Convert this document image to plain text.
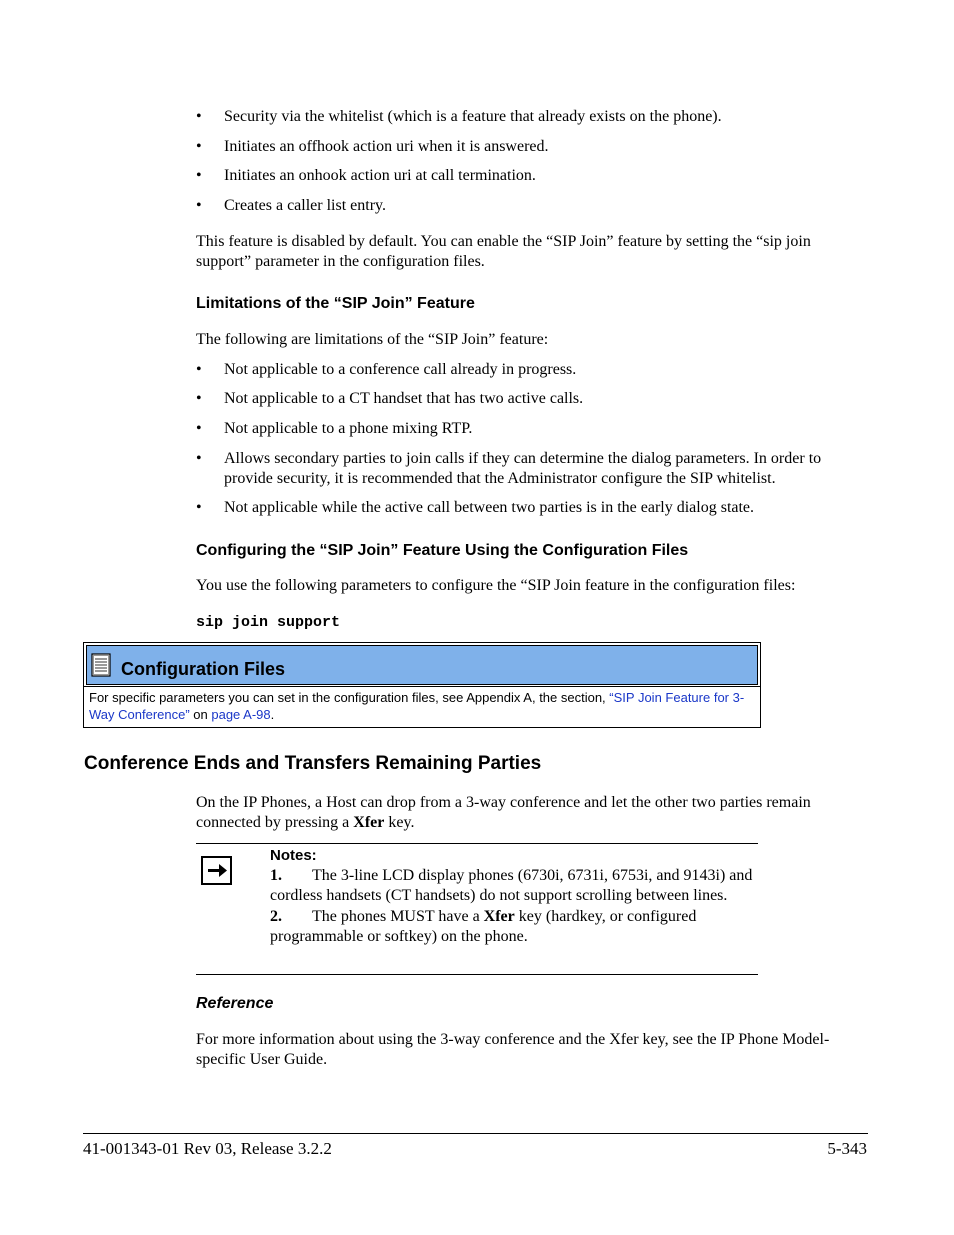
• Security via the whitelist (which is a feature that already exists on the phone).
• Initiates an offhook action uri when it is answered.
• Initiates an onhook action uri at call termination.
• Creates a caller list entry.
This feature is disabled by default. You can enable the “SIP Join” feature by setting the “sip join support” parameter in the configuration files.
Limitations of the “SIP Join” Feature
The following are limitations of the “SIP Join” feature:
• Not applicable to a conference call already in progress.
• Not applicable to a CT handset that has two active calls.
• Not applicable to a phone mixing RTP.
• Allows secondary parties to join calls if they can determine the dialog parameters. In order to provide security, it is recommended that the Administrator configure the SIP whitelist.
• Not applicable while the active call between two parties is in the early dialog state.
Configuring the “SIP Join” Feature Using the Configuration Files
You use the following parameters to configure the “SIP Join feature in the configuration files:
sip join support
Configuration Files
For specific parameters you can set in the configuration files, see Appendix A, the section, “SIP Join Feature for 3-Way Conference” on page A-98.
Conference Ends and Transfers Remaining Parties
On the IP Phones, a Host can drop from a 3-way conference and let the other two parties remain connected by pressing a Xfer key.
Notes:
1. The 3-line LCD display phones (6730i, 6731i, 6753i, and 9143i) and cordless handsets (CT handsets) do not support scrolling between lines.
2. The phones MUST have a Xfer key (hardkey, or configured programmable or softkey) on the phone.
Reference
For more information about using the 3-way conference and the Xfer key, see the IP Phone Model-specific User Guide.
41-001343-01 Rev 03, Release 3.2.2	5-343
